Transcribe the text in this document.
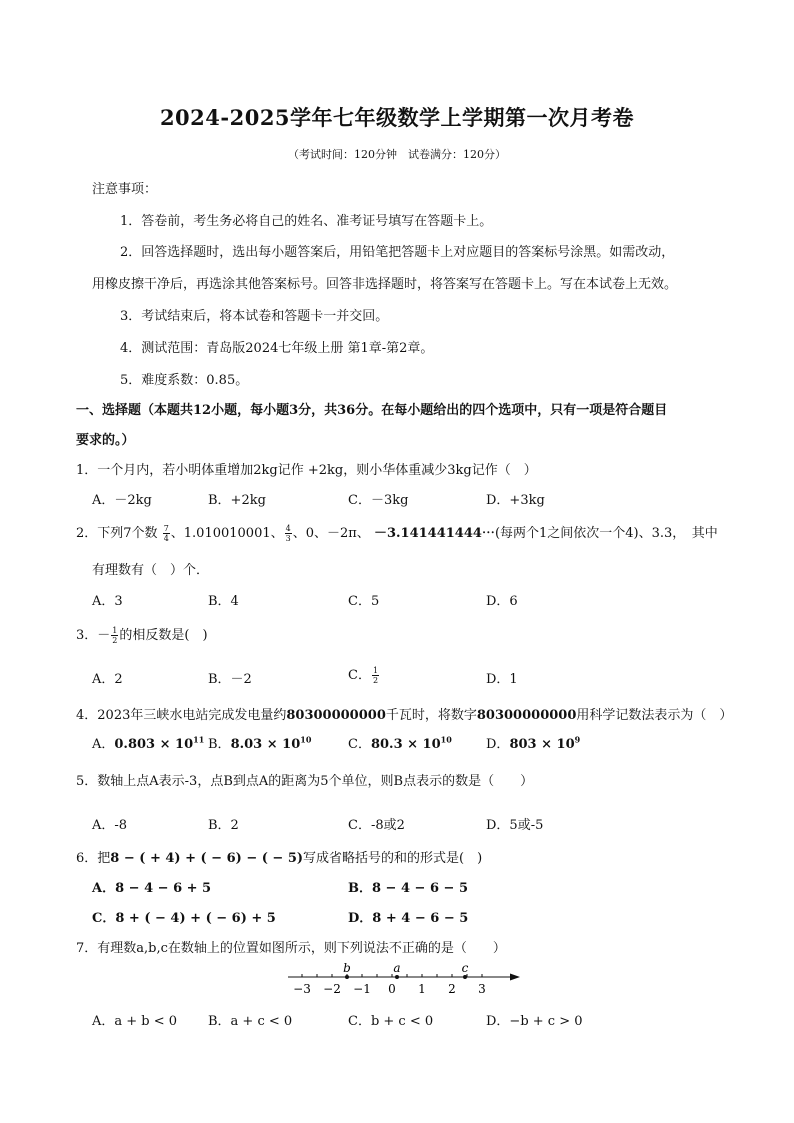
2024-2025学年七年级数学上学期第一次月考卷
（考试时间：120分钟　试卷满分：120分）
注意事项：
1．答卷前，考生务必将自己的姓名、准考证号填写在答题卡上。
2．回答选择题时，选出每小题答案后，用铅笔把答题卡上对应题目的答案标号涂黑。如需改动，
用橡皮擦干净后，再选涂其他答案标号。回答非选择题时，将答案写在答题卡上。写在本试卷上无效。
3．考试结束后，将本试卷和答题卡一并交回。
4．测试范围：青岛版2024七年级上册 第1章-第2章。
5．难度系数：0.85。
一、选择题（本题共12小题，每小题3分，共36分。在每小题给出的四个选项中，只有一项是符合题目
要求的。）
1．一个月内，若小明体重增加2kg记作 +2kg，则小华体重减少3kg记作（　）
A．－2kg	B．+2kg	C．－3kg	D．+3kg
2．下列7个数 $\frac{7}{4}$ 、1.010010001、 $\frac{4}{3}$ 、0、－2π、 －3.141441444⋯(每两个1之间依次一个4)、3.3，　其中
有理数有（　）个．
A．3	B．4	C．5	D．6
3．－ $\frac{1}{2}$ 的相反数是(　)
A．2	B．－2	C． $\frac{1}{2}$	D．1
4．2023年三峡水电站完成发电量约80300000000千瓦时，将数字80300000000用科学记数法表示为（　）
A．$0.803 \times 10^{11}$ B．$8.03 \times 10^{10}$	C．$80.3 \times 10^{10}$	D．$803 \times 10^9$
5．数轴上点A表示-3，点B到点A的距离为5个单位，则B点表示的数是（　　）
A．-8	B．2	C．-8或2	D．5或-5
6．把8 − ( + 4) + ( − 6) − ( − 5)写成省略括号的和的形式是(　)
A．8 − 4 − 6 + 5	B．8 − 4 − 6 − 5
C．8 + ( − 4) + ( − 6) + 5	D．8 + 4 − 6 − 5
7．有理数a,b,c在数轴上的位置如图所示，则下列说法不正确的是（　　）
−3 −2 −1 0 1 2 3
b	a	c
A．a + b < 0 B．a + c < 0	C．b + c < 0	D．−b + c > 0
